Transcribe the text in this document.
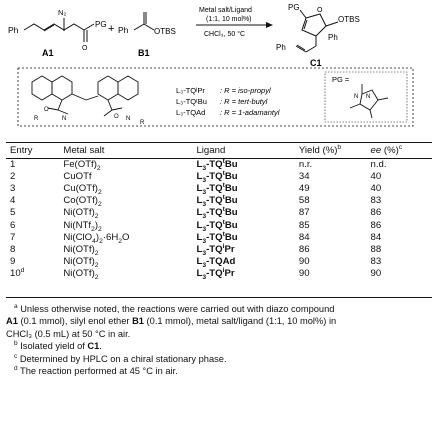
Ph
N₂
PG
O
A1
+ Ph	OTBS
B1
Metal salt/Ligand
(1:1, 10 mol%)
CHCl₃, 50 °C
PG O
OTBS
Ph
Ph
C1
O
R	N	O N
R
L₃-TQᴵPr : R = iso-propyl
L₃-TQᵗBu : R = tert-butyl
L₃-TQAd : R = 1-adamantyl
PG =
N N
Entry	Metal salt	Ligand	Yield (%)$^b$	ee (%)$^c$
1	$Fe(OTf)_2$	$L_3-TQ^tBu$	n.r.	n.d.
2	CuOTf	$L_3-TQ^tBu$	34	40
3	$Cu(OTf)_2$	$L_3-TQ^tBu$	49	40
4	$Co(OTf)_2$	$L_3-TQ^tBu$	58	83
5	$Ni(OTf)_2$	$L_3-TQ^tBu$	87	86
6	$Ni(NTf_2)_2$	$L_3-TQ^tBu$	85	86
7	$Ni(ClO_4)_2\cdot 6H_2O$	$L_3-TQ^tBu$	84	84
8	$Ni(OTf)_2$	$L_3-TQ^iPr$	86	88
9	$Ni(OTf)_2$	$L_3$-TQAd	90	83
10$^d$	$Ni(OTf)_2$	$L_3-TQ^iPr$	90	90

$^a$ Unless otherwise noted, the reactions were carried out with diazo compound

A1 (0.1 mmol), silyl enol ether B1 (0.1 mmol), metal salt/ligand (1:1, 10 mol%) in

CHCl₃ (0.5 mL) at 50 °C in air.

$^b$ Isolated yield of C1.

$^c$ Determined by HPLC on a chiral stationary phase.

$^d$ The reaction performed at 45 °C in air.
